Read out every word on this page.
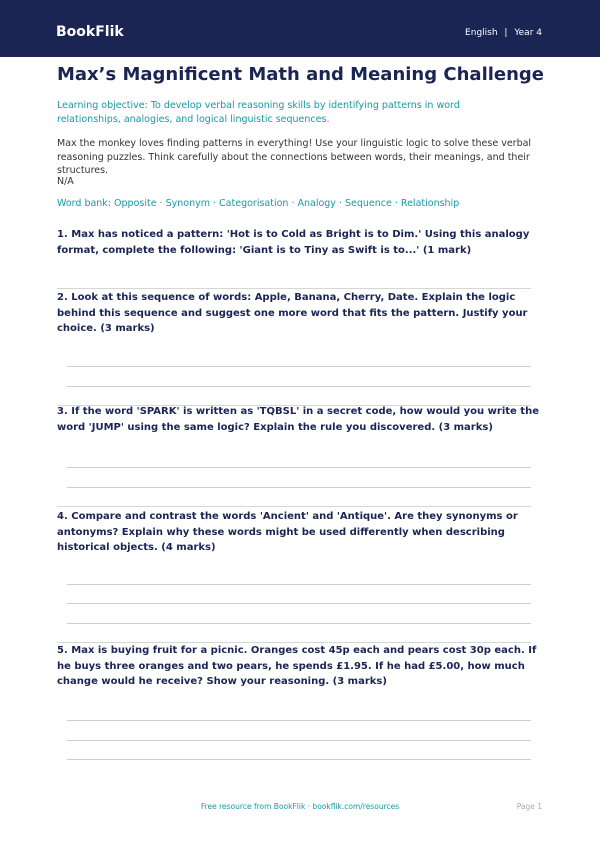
BookFlik	English | Year 4
Max’s Magnificent Math and Meaning Challenge

Learning objective: To develop verbal reasoning skills by identifying patterns in word relationships, analogies, and logical linguistic sequences.

Max the monkey loves finding patterns in everything! Use your linguistic logic to solve these verbal reasoning puzzles. Think carefully about the connections between words, their meanings, and their structures.

N/A

Word bank: Opposite · Synonym · Categorisation · Analogy · Sequence · Relationship

1. Max has noticed a pattern: 'Hot is to Cold as Bright is to Dim.' Using this analogy format, complete the following: 'Giant is to Tiny as Swift is to...' (1 mark)

2. Look at this sequence of words: Apple, Banana, Cherry, Date. Explain the logic behind this sequence and suggest one more word that fits the pattern. Justify your choice. (3 marks)

3. If the word 'SPARK' is written as 'TQBSL' in a secret code, how would you write the word 'JUMP' using the same logic? Explain the rule you discovered. (3 marks)

4. Compare and contrast the words 'Ancient' and 'Antique'. Are they synonyms or antonyms? Explain why these words might be used differently when describing historical objects. (4 marks)

5. Max is buying fruit for a picnic. Oranges cost 45p each and pears cost 30p each. If he buys three oranges and two pears, he spends £1.95. If he had £5.00, how much change would he receive? Show your reasoning. (3 marks)

Free resource from BookFlik · bookflik.com/resources	Page 1
